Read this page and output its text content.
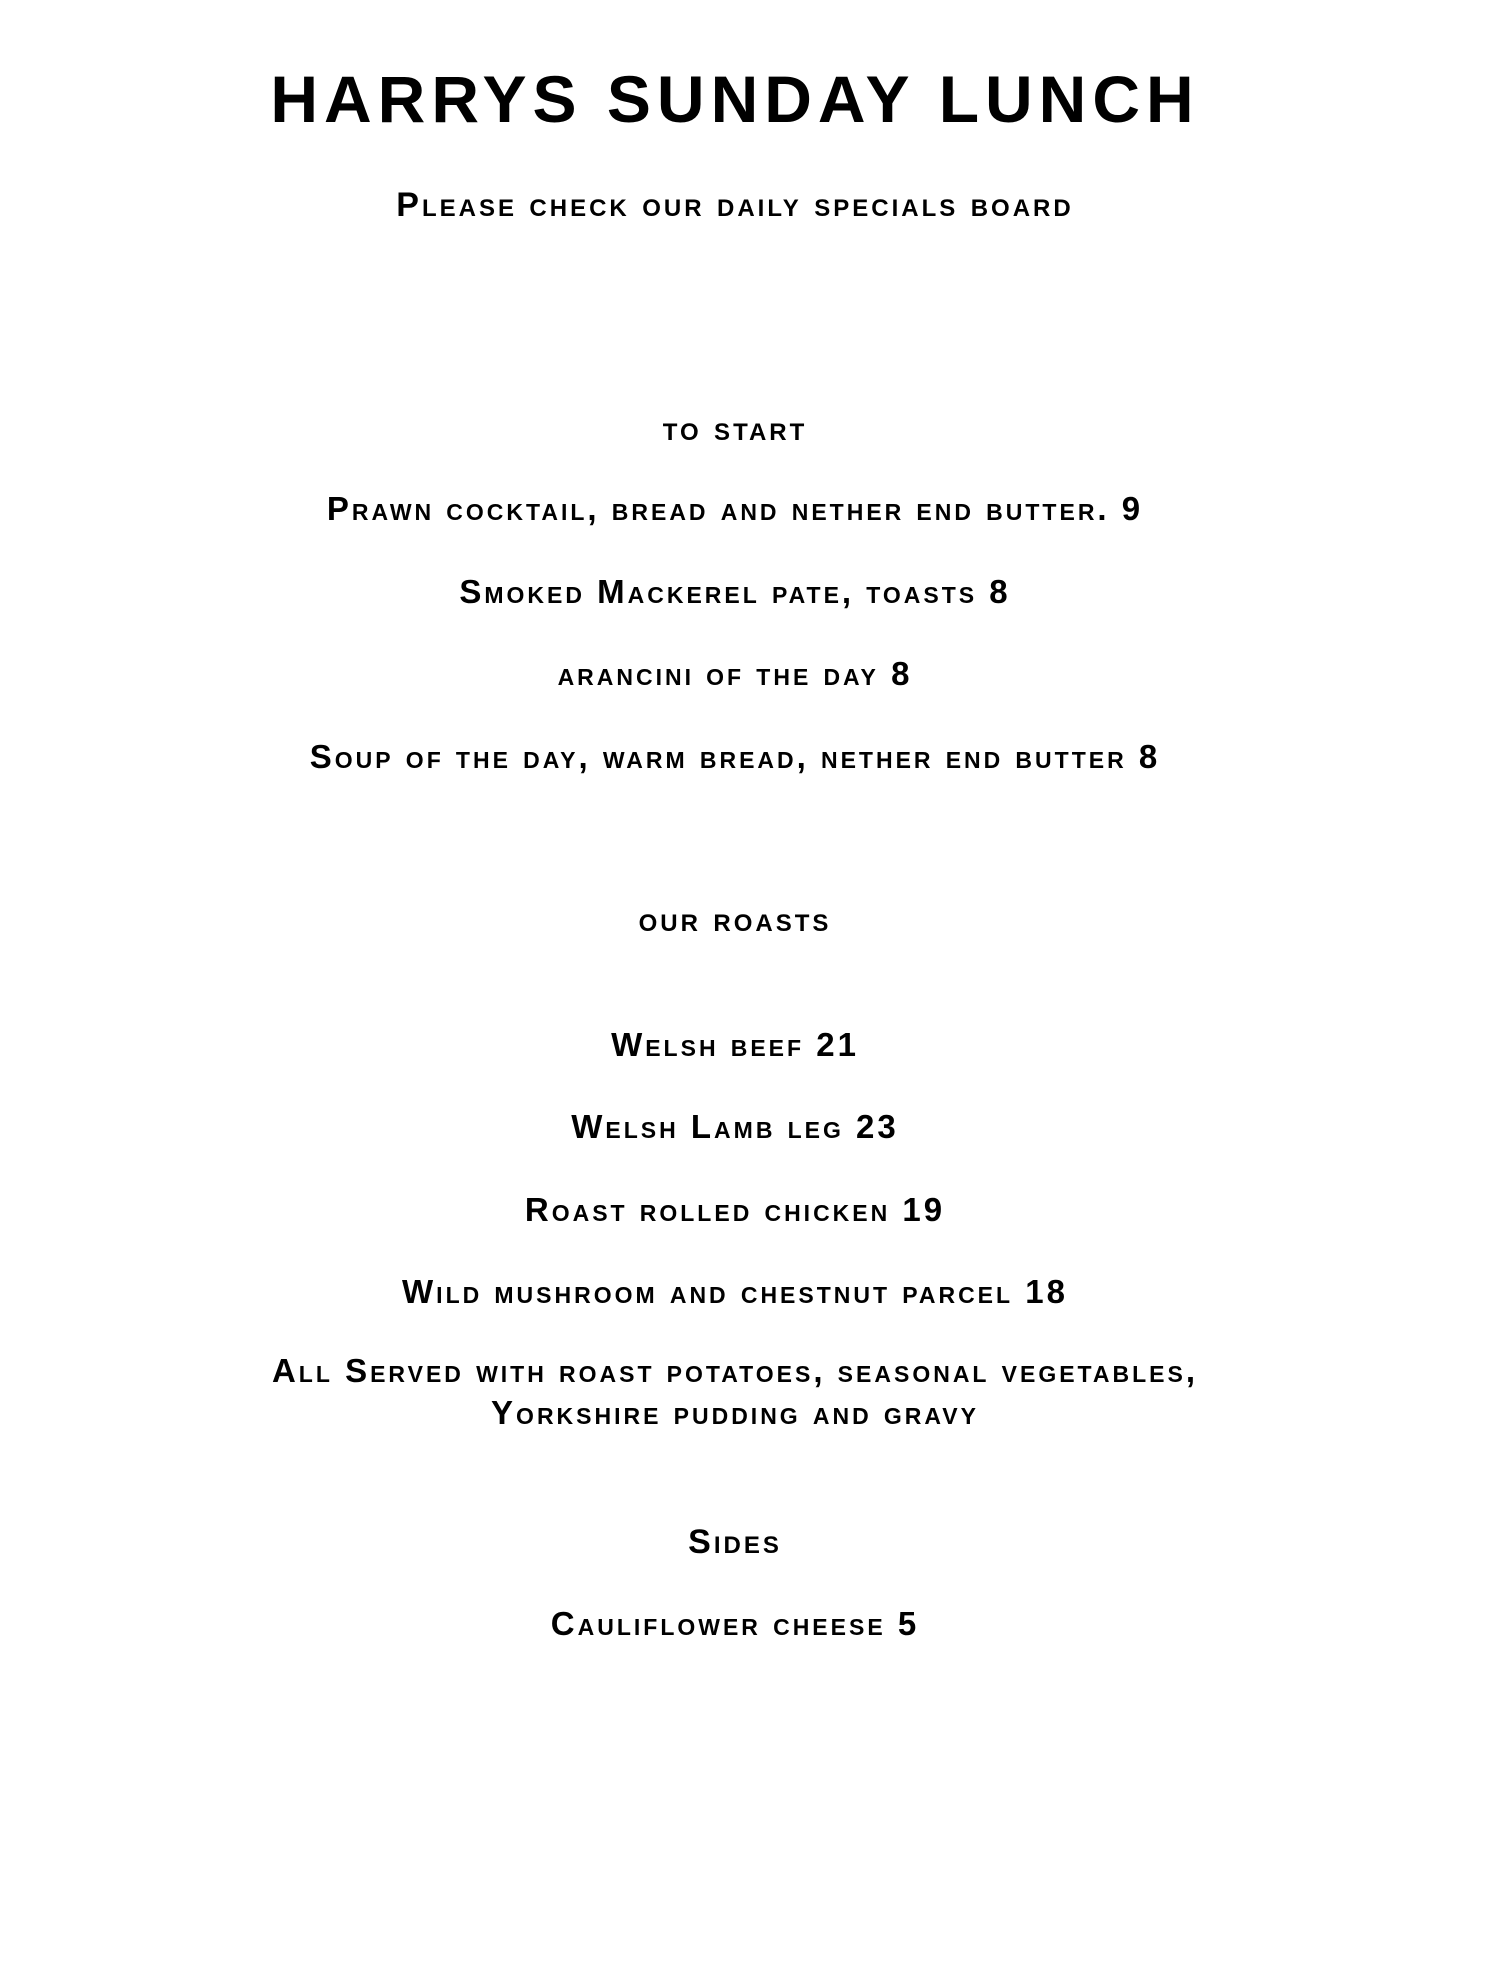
HARRYS SUNDAY LUNCH
Please check our daily specials board
to start
Prawn cocktail, bread and nether end butter. 9
Smoked Mackerel pate, toasts 8
arancini of the day 8
Soup of the day, warm bread, nether end butter 8
our roasts
Welsh beef 21
Welsh Lamb leg 23
Roast rolled chicken 19
Wild mushroom and chestnut parcel 18
All Served with roast potatoes, seasonal vegetables,
Yorkshire pudding and gravy
Sides
Cauliflower cheese 5
